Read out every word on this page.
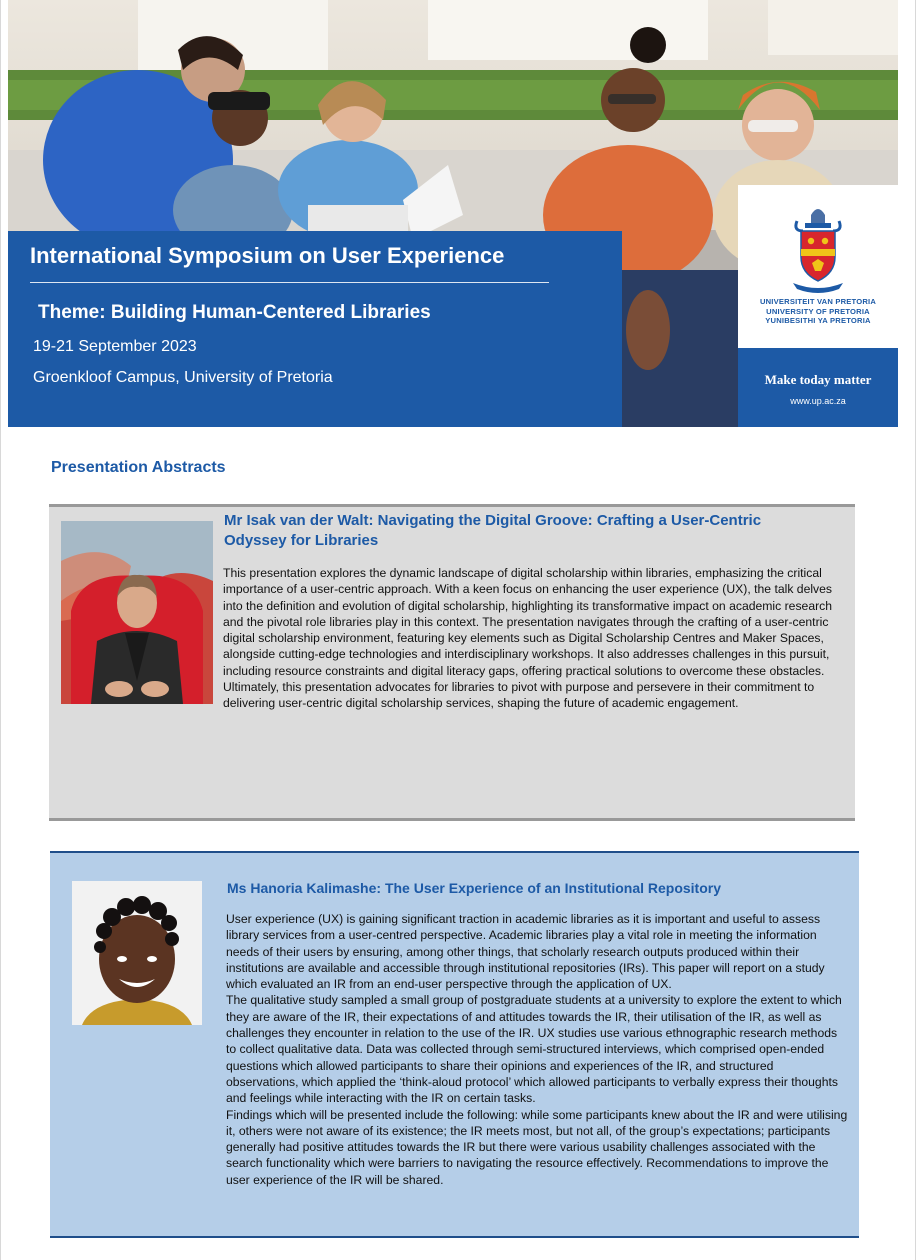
International Symposium on User Experience
Theme: Building Human-Centered Libraries

19-21 September 2023

Groenkloof Campus, University of Pretoria

UNIVERSITEIT VAN PRETORIA
UNIVERSITY OF PRETORIA
YUNIBESITHI YA PRETORIA
Make today matter
www.up.ac.za
Presentation Abstracts
Mr Isak van der Walt: Navigating the Digital Groove: Crafting a User-Centric Odyssey for Libraries

This presentation explores the dynamic landscape of digital scholarship within libraries, emphasizing the critical importance of a user-centric approach. With a keen focus on enhancing the user experience (UX), the talk delves into the definition and evolution of digital scholarship, highlighting its transformative impact on academic research and the pivotal role libraries play in this context. The presentation navigates through the crafting of a user-centric digital scholarship environment, featuring key elements such as Digital Scholarship Centres and Maker Spaces, alongside cutting-edge technologies and interdisciplinary workshops. It also addresses challenges in this pursuit, including resource constraints and digital literacy gaps, offering practical solutions to overcome these obstacles. Ultimately, this presentation advocates for libraries to pivot with purpose and persevere in their commitment to delivering user-centric digital scholarship services, shaping the future of academic engagement.

Ms Hanoria Kalimashe: The User Experience of an Institutional Repository

User experience (UX) is gaining significant traction in academic libraries as it is important and useful to assess library services from a user-centred perspective. Academic libraries play a vital role in meeting the information needs of their users by ensuring, among other things, that scholarly research outputs produced within their institutions are available and accessible through institutional repositories (IRs). This paper will report on a study which evaluated an IR from an end-user perspective through the application of UX.

The qualitative study sampled a small group of postgraduate students at a university to explore the extent to which they are aware of the IR, their expectations of and attitudes towards the IR, their utilisation of the IR, as well as challenges they encounter in relation to the use of the IR. UX studies use various ethnographic research methods to collect qualitative data. Data was collected through semi-structured interviews, which comprised open-ended questions which allowed participants to share their opinions and experiences of the IR, and structured observations, which applied the ‘think-aloud protocol’ which allowed participants to verbally express their thoughts and feelings while interacting with the IR on certain tasks.

Findings which will be presented include the following: while some participants knew about the IR and were utilising it, others were not aware of its existence; the IR meets most, but not all, of the group’s expectations; participants generally had positive attitudes towards the IR but there were various usability challenges associated with the search functionality which were barriers to navigating the resource effectively. Recommendations to improve the user experience of the IR will be shared.
